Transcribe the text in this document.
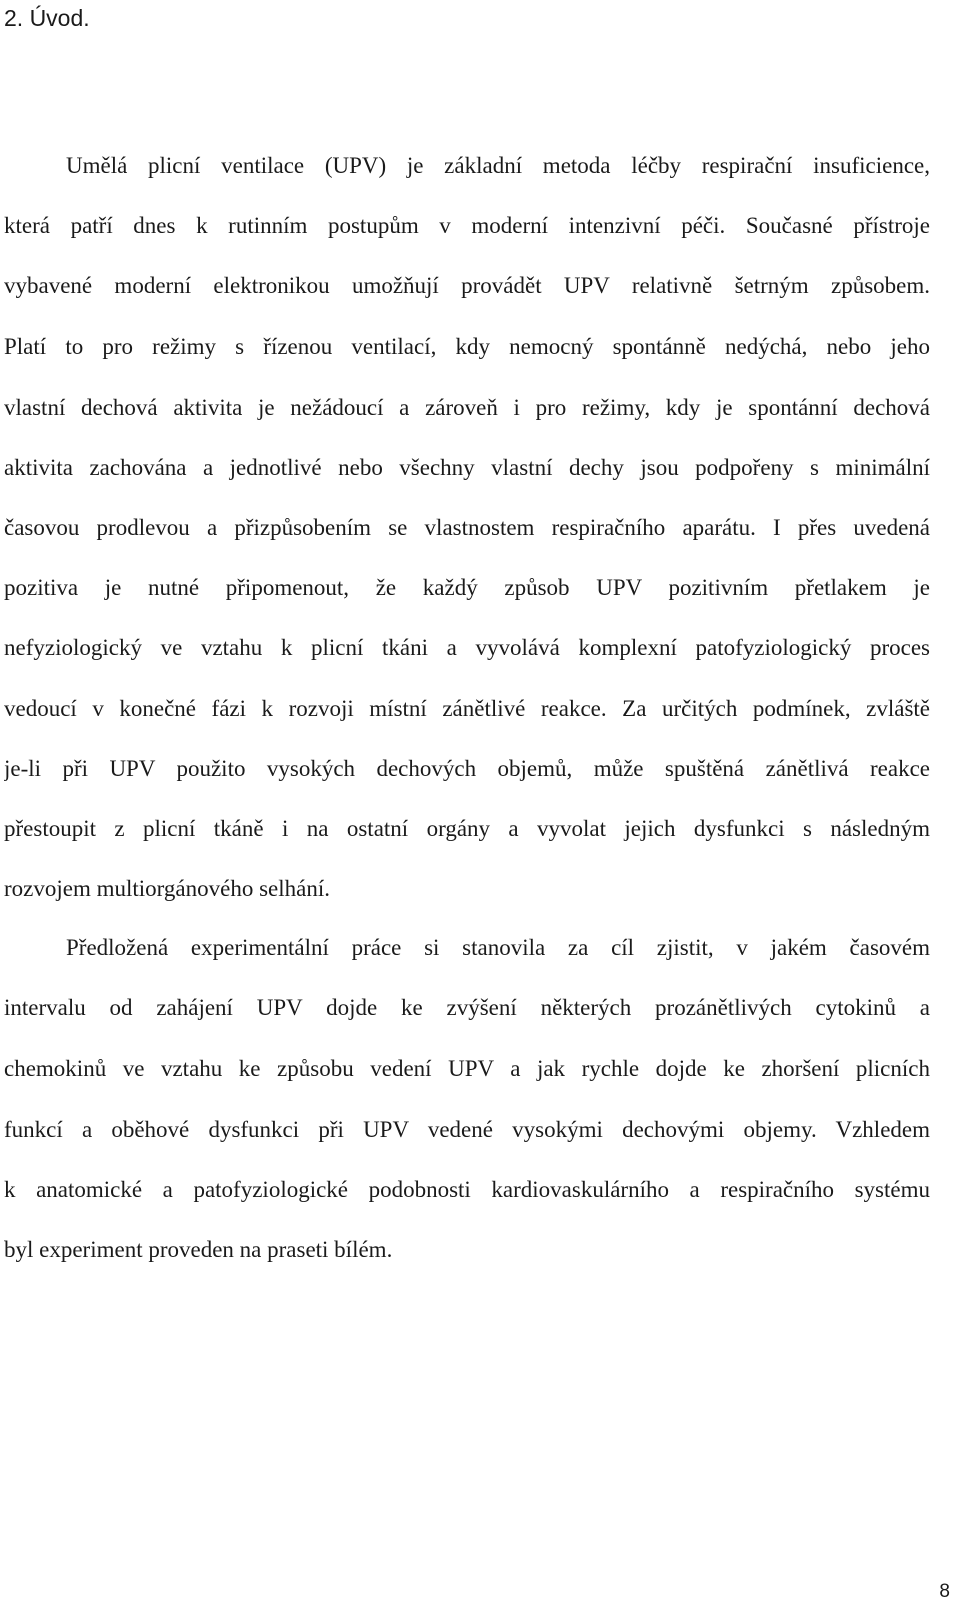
2. Úvod.
Umělá plicní ventilace (UPV) je základní metoda léčby respirační insuficience,
která patří dnes k rutinním postupům v moderní intenzivní péči. Současné přístroje
vybavené moderní elektronikou umožňují provádět UPV relativně šetrným způsobem.
Platí to pro režimy s řízenou ventilací, kdy nemocný spontánně nedýchá, nebo jeho
vlastní dechová aktivita je nežádoucí a zároveň i pro režimy, kdy je spontánní dechová
aktivita zachována a jednotlivé nebo všechny vlastní dechy jsou podpořeny s minimální
časovou prodlevou a přizpůsobením se vlastnostem respiračního aparátu. I přes uvedená
pozitiva je nutné připomenout, že každý způsob UPV pozitivním přetlakem je
nefyziologický ve vztahu k plicní tkáni a vyvolává komplexní patofyziologický proces
vedoucí v konečné fázi k rozvoji místní zánětlivé reakce. Za určitých podmínek, zvláště
je-li při UPV použito vysokých dechových objemů, může spuštěná zánětlivá reakce
přestoupit z plicní tkáně i na ostatní orgány a vyvolat jejich dysfunkci s následným
rozvojem multiorgánového selhání.
Předložená experimentální práce si stanovila za cíl zjistit, v jakém časovém
intervalu od zahájení UPV dojde ke zvýšení některých prozánětlivých cytokinů a
chemokinů ve vztahu ke způsobu vedení UPV a jak rychle dojde ke zhoršení plicních
funkcí a oběhové dysfunkci při UPV vedené vysokými dechovými objemy. Vzhledem
k anatomické a patofyziologické podobnosti kardiovaskulárního a respiračního systému
byl experiment proveden na praseti bílém.
8
